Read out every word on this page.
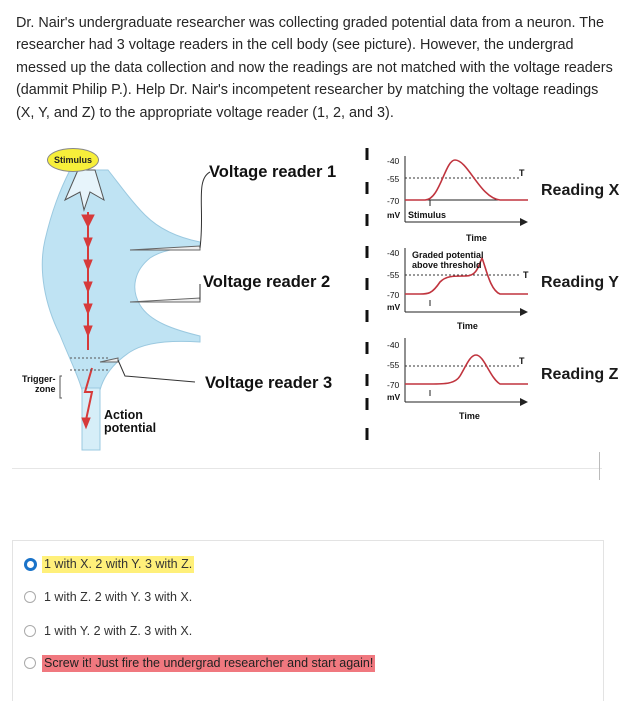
Dr. Nair's undergraduate researcher was collecting graded potential data from a neuron. The researcher had 3 voltage readers in the cell body (see picture). However, the undergrad messed up the data collection and now the readings are not matched with the voltage readers (dammit Philip P.). Help Dr. Nair's incompetent researcher by matching the voltage readings (X, Y, and Z) to the appropriate voltage reader (1, 2, and 3).
Stimulus
Trigger-
zone
Action
potential
Voltage reader 1
Voltage reader 2
Voltage reader 3
Reading X
Reading Y
Reading Z
-40
-55
-70
mV Stimulus
Time
T
-40
-55
-70
mV
Graded potential
above threshold
Time
T
-40
-55
-70
mV
Time
T
1 with X. 2 with Y. 3 with Z.
1 with Z. 2 with Y. 3 with X.
1 with Y. 2 with Z. 3 with X.
Screw it! Just fire the undergrad researcher and start again!
